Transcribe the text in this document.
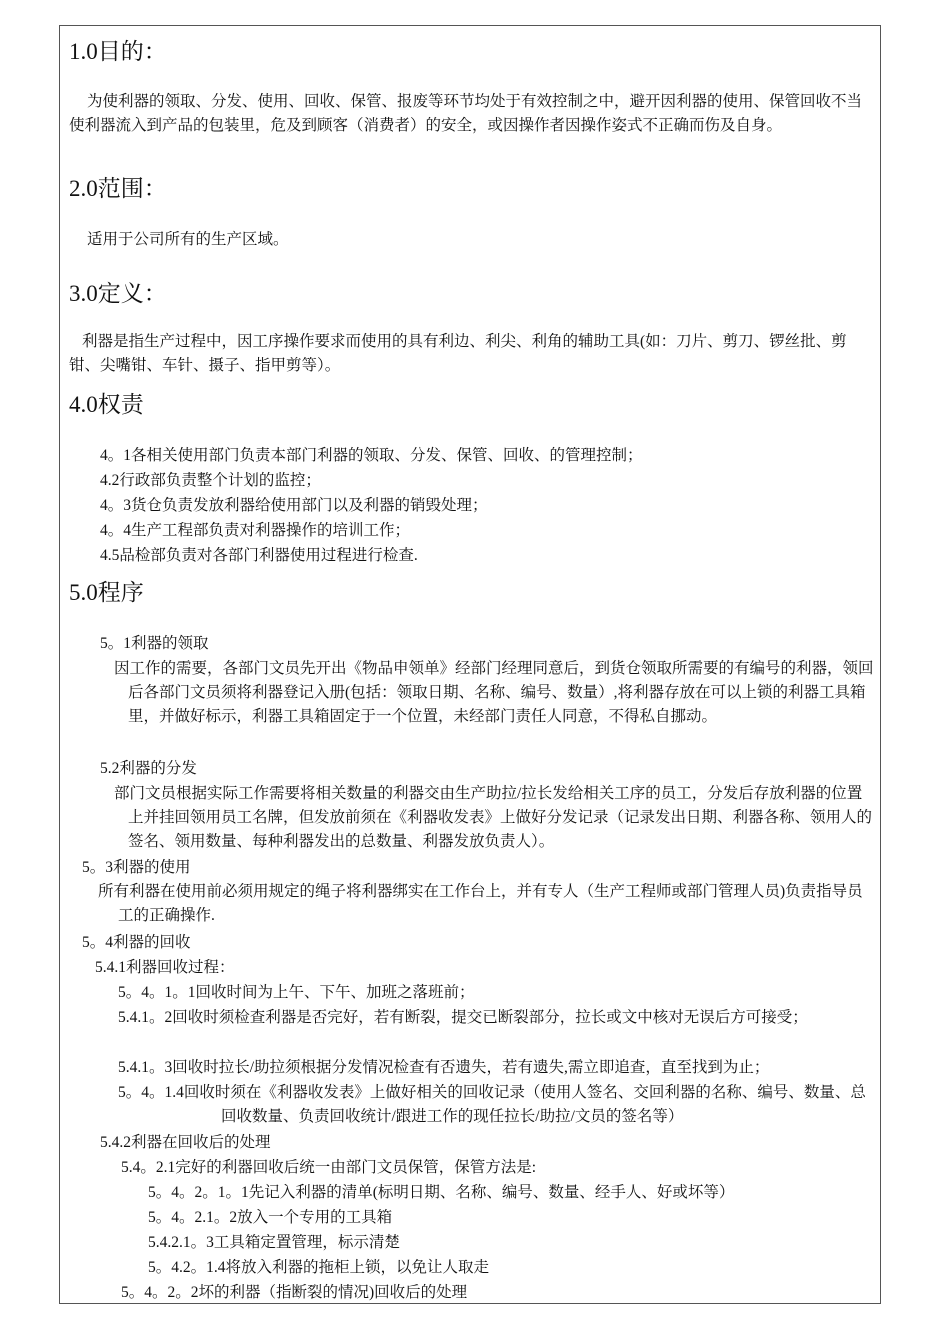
1.0目的：
为使利器的领取、分发、使用、回收、保管、报废等环节均处于有效控制之中，避开因利器的使用、保管回收不当使利器流入到产品的包装里，危及到顾客（消费者）的安全，或因操作者因操作姿式不正确而伤及自身。
2.0范围：
适用于公司所有的生产区域。
3.0定义：
利器是指生产过程中，因工序操作要求而使用的具有利边、利尖、利角的辅助工具(如：刀片、剪刀、锣丝批、剪钳、尖嘴钳、车针、摄子、指甲剪等）。
4.0权责
4。1各相关使用部门负责本部门利器的领取、分发、保管、回收、的管理控制；
4.2行政部负责整个计划的监控；
4。3货仓负责发放利器给使用部门以及利器的销毁处理；
4。4生产工程部负责对利器操作的培训工作；
4.5品检部负责对各部门利器使用过程进行检查.
5.0程序
5。1利器的领取
因工作的需要，各部门文员先开出《物品申领单》经部门经理同意后，到货仓领取所需要的有编号的利器，领回后各部门文员须将利器登记入册(包括：领取日期、名称、编号、数量）,将利器存放在可以上锁的利器工具箱里，并做好标示，利器工具箱固定于一个位置，未经部门责任人同意，不得私自挪动。
5.2利器的分发
部门文员根据实际工作需要将相关数量的利器交由生产助拉/拉长发给相关工序的员工，分发后存放利器的位置上并挂回领用员工名牌，但发放前须在《利器收发表》上做好分发记录（记录发出日期、利器各称、领用人的签名、领用数量、每种利器发出的总数量、利器发放负责人）。
5。3利器的使用
所有利器在使用前必须用规定的绳子将利器绑实在工作台上，并有专人（生产工程师或部门管理人员)负责指导员工的正确操作.
5。4利器的回收
5.4.1利器回收过程：
5。4。1。1回收时间为上午、下午、加班之落班前；
5.4.1。2回收时须检查利器是否完好，若有断裂，提交已断裂部分，拉长或文中核对无误后方可接受；
5.4.1。3回收时拉长/助拉须根据分发情况检查有否遗失，若有遗失,需立即追查，直至找到为止；
5。4。1.4回收时须在《利器收发表》上做好相关的回收记录（使用人签名、交回利器的名称、编号、数量、总回收数量、负责回收统计/跟进工作的现任拉长/助拉/文员的签名等）
5.4.2利器在回收后的处理
5.4。2.1完好的利器回收后统一由部门文员保管，保管方法是:
5。4。2。1。1先记入利器的清单(标明日期、名称、编号、数量、经手人、好或坏等）
5。4。2.1。2放入一个专用的工具箱
5.4.2.1。3工具箱定置管理，标示清楚
5。4.2。1.4将放入利器的拖柜上锁，以免让人取走
5。4。2。2坏的利器（指断裂的情况)回收后的处理
